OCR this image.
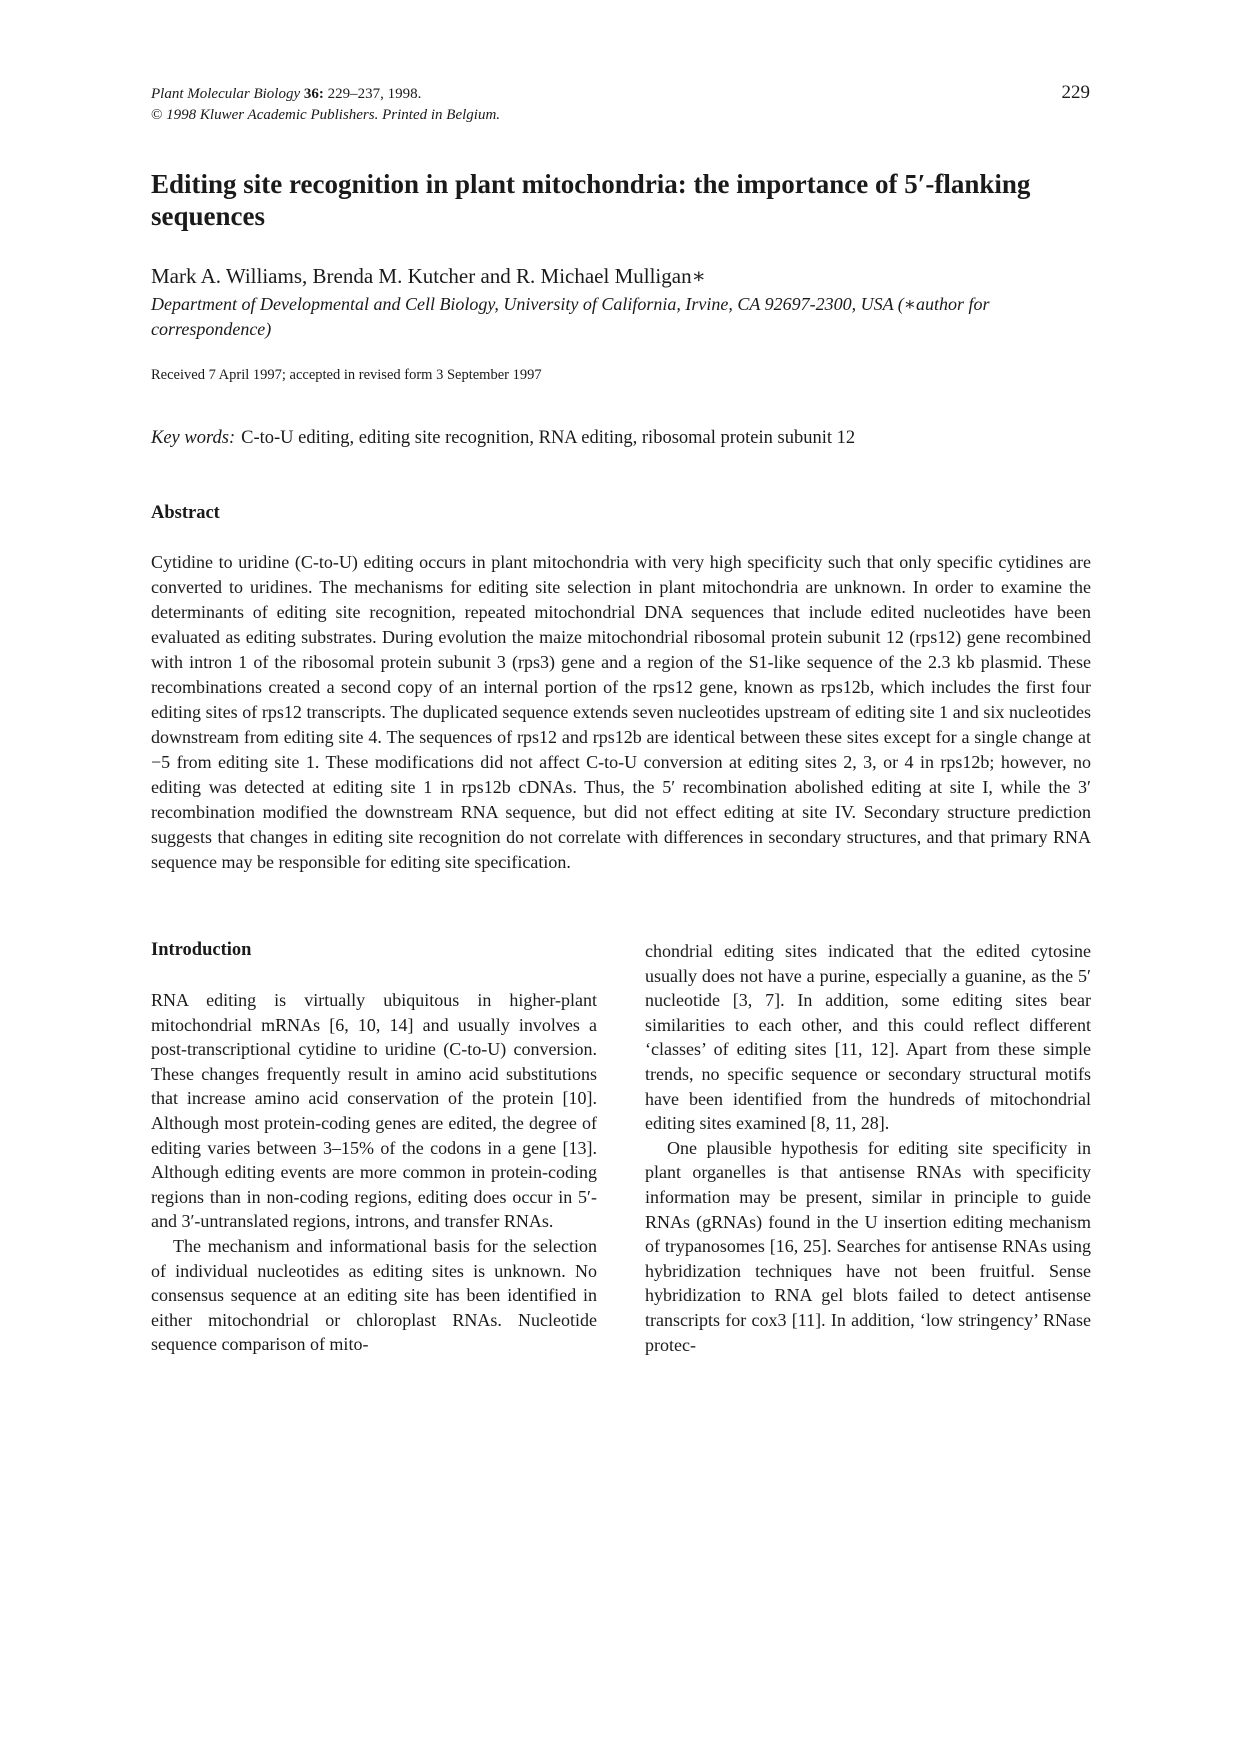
Plant Molecular Biology 36: 229–237, 1998.
© 1998 Kluwer Academic Publishers. Printed in Belgium.
229
Editing site recognition in plant mitochondria: the importance of 5′-flanking sequences
Mark A. Williams, Brenda M. Kutcher and R. Michael Mulligan∗
Department of Developmental and Cell Biology, University of California, Irvine, CA 92697-2300, USA (∗author for correspondence)
Received 7 April 1997; accepted in revised form 3 September 1997
Key words: C-to-U editing, editing site recognition, RNA editing, ribosomal protein subunit 12
Abstract
Cytidine to uridine (C-to-U) editing occurs in plant mitochondria with very high specificity such that only specific cytidines are converted to uridines. The mechanisms for editing site selection in plant mitochondria are unknown. In order to examine the determinants of editing site recognition, repeated mitochondrial DNA sequences that include edited nucleotides have been evaluated as editing substrates. During evolution the maize mitochondrial ribosomal protein subunit 12 (rps12) gene recombined with intron 1 of the ribosomal protein subunit 3 (rps3) gene and a region of the S1-like sequence of the 2.3 kb plasmid. These recombinations created a second copy of an internal portion of the rps12 gene, known as rps12b, which includes the first four editing sites of rps12 transcripts. The duplicated sequence extends seven nucleotides upstream of editing site 1 and six nucleotides downstream from editing site 4. The sequences of rps12 and rps12b are identical between these sites except for a single change at −5 from editing site 1. These modifications did not affect C-to-U conversion at editing sites 2, 3, or 4 in rps12b; however, no editing was detected at editing site 1 in rps12b cDNAs. Thus, the 5′ recombination abolished editing at site I, while the 3′ recombination modified the downstream RNA sequence, but did not effect editing at site IV. Secondary structure prediction suggests that changes in editing site recognition do not correlate with differences in secondary structures, and that primary RNA sequence may be responsible for editing site specification.
Introduction

RNA editing is virtually ubiquitous in higher-plant mitochondrial mRNAs [6, 10, 14] and usually involves a post-transcriptional cytidine to uridine (C-to-U) conversion. These changes frequently result in amino acid substitutions that increase amino acid conservation of the protein [10]. Although most protein-coding genes are edited, the degree of editing varies between 3–15% of the codons in a gene [13]. Although editing events are more common in protein-coding regions than in non-coding regions, editing does occur in 5′- and 3′-untranslated regions, introns, and transfer RNAs.

The mechanism and informational basis for the selection of individual nucleotides as editing sites is unknown. No consensus sequence at an editing site has been identified in either mitochondrial or chloroplast RNAs. Nucleotide sequence comparison of mito-

chondrial editing sites indicated that the edited cytosine usually does not have a purine, especially a guanine, as the 5′ nucleotide [3, 7]. In addition, some editing sites bear similarities to each other, and this could reflect different ‘classes’ of editing sites [11, 12]. Apart from these simple trends, no specific sequence or secondary structural motifs have been identified from the hundreds of mitochondrial editing sites examined [8, 11, 28].

One plausible hypothesis for editing site specificity in plant organelles is that antisense RNAs with specificity information may be present, similar in principle to guide RNAs (gRNAs) found in the U insertion editing mechanism of trypanosomes [16, 25]. Searches for antisense RNAs using hybridization techniques have not been fruitful. Sense hybridization to RNA gel blots failed to detect antisense transcripts for cox3 [11]. In addition, ‘low stringency’ RNase protec-
